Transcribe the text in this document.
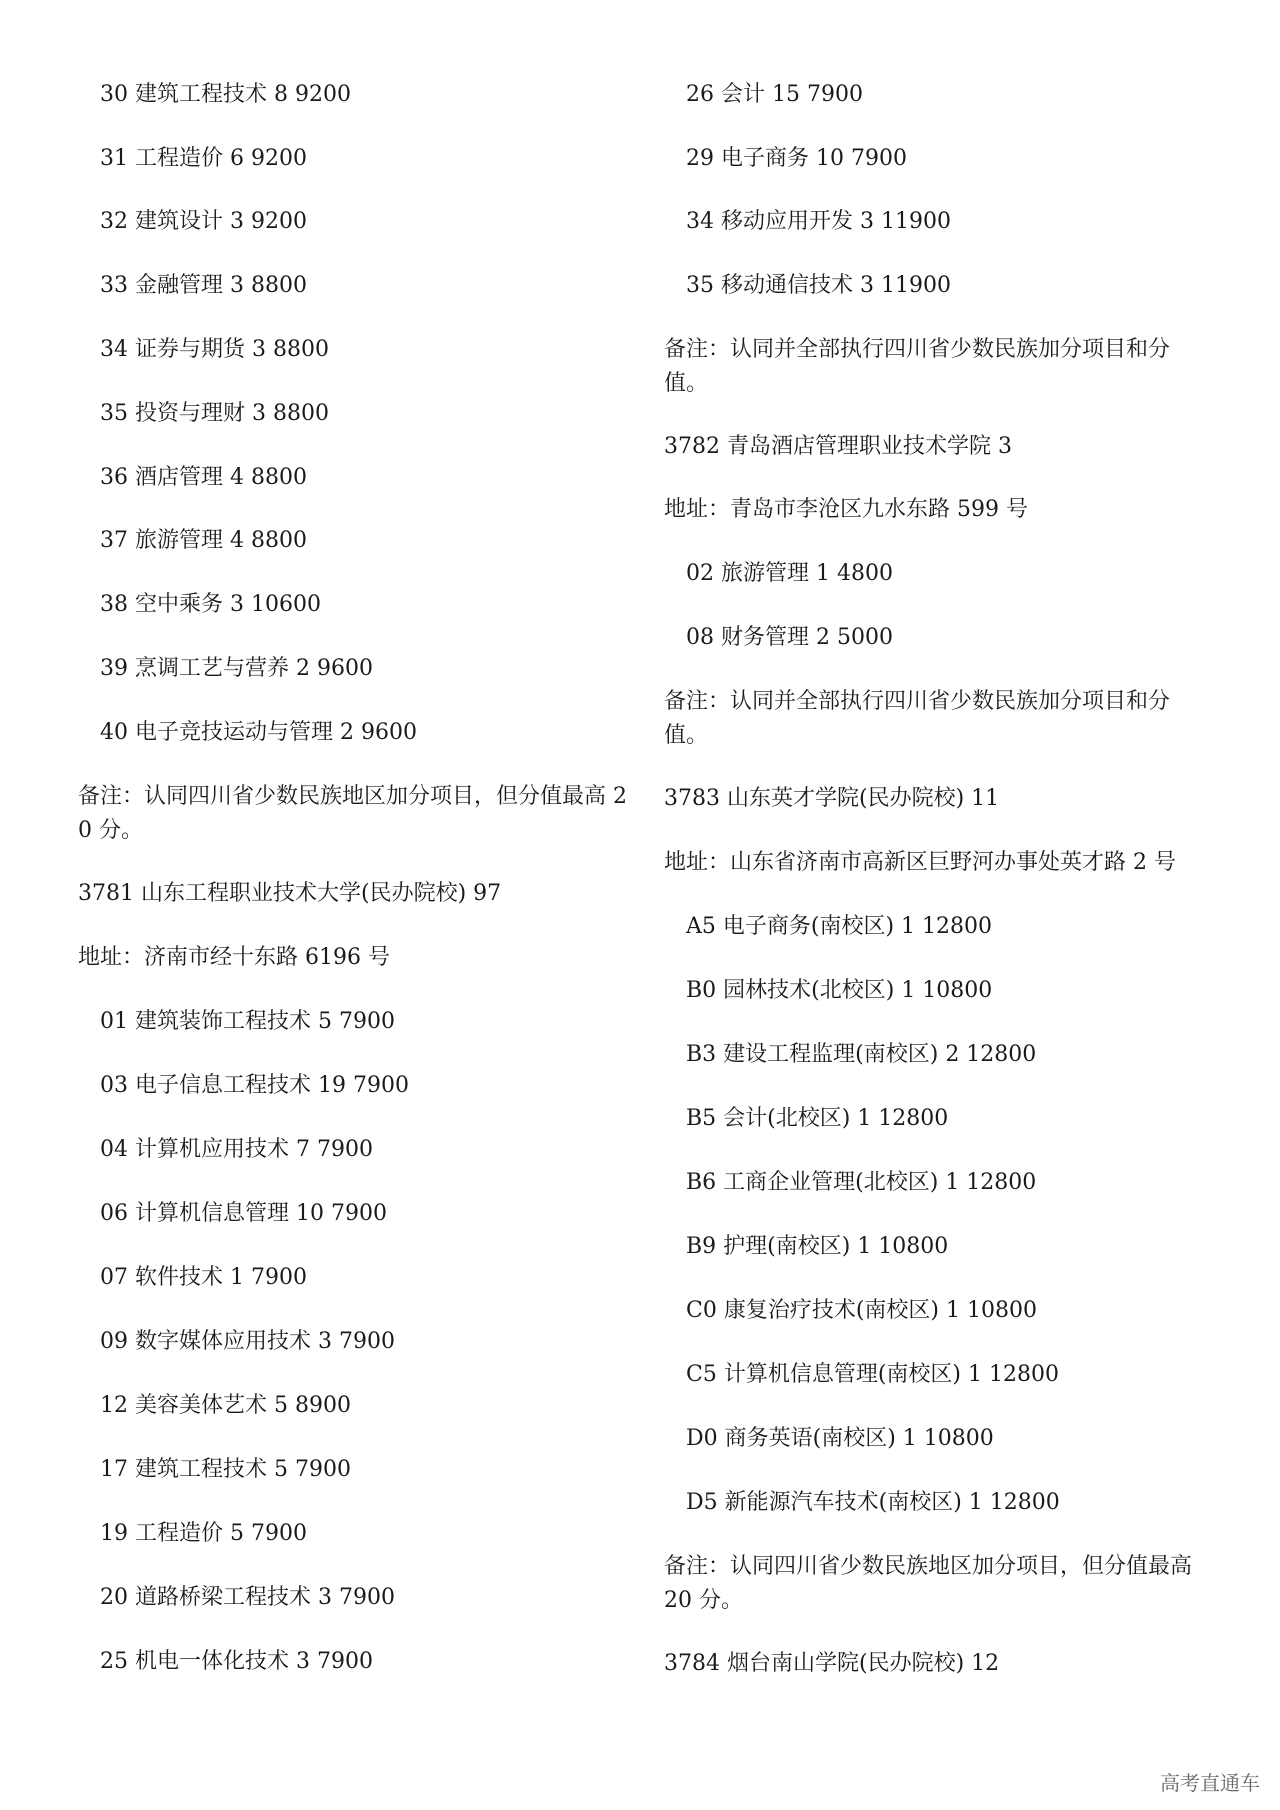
30 建筑工程技术 8 9200
31 工程造价 6 9200
32 建筑设计 3 9200
33 金融管理 3 8800
34 证券与期货 3 8800
35 投资与理财 3 8800
36 酒店管理 4 8800
37 旅游管理 4 8800
38 空中乘务 3 10600
39 烹调工艺与营养 2 9600
40 电子竞技运动与管理 2 9600
备注：认同四川省少数民族地区加分项目，但分值最高 20 分。
3781 山东工程职业技术大学(民办院校) 97
地址：济南市经十东路 6196 号
01 建筑装饰工程技术 5 7900
03 电子信息工程技术 19 7900
04 计算机应用技术 7 7900
06 计算机信息管理 10 7900
07 软件技术 1 7900
09 数字媒体应用技术 3 7900
12 美容美体艺术 5 8900
17 建筑工程技术 5 7900
19 工程造价 5 7900
20 道路桥梁工程技术 3 7900
25 机电一体化技术 3 7900
26 会计 15 7900
29 电子商务 10 7900
34 移动应用开发 3 11900
35 移动通信技术 3 11900
备注：认同并全部执行四川省少数民族加分项目和分值。
3782 青岛酒店管理职业技术学院 3
地址：青岛市李沧区九水东路 599 号
02 旅游管理 1 4800
08 财务管理 2 5000
备注：认同并全部执行四川省少数民族加分项目和分值。
3783 山东英才学院(民办院校) 11
地址：山东省济南市高新区巨野河办事处英才路 2 号
A5 电子商务(南校区) 1 12800
B0 园林技术(北校区) 1 10800
B3 建设工程监理(南校区) 2 12800
B5 会计(北校区) 1 12800
B6 工商企业管理(北校区) 1 12800
B9 护理(南校区) 1 10800
C0 康复治疗技术(南校区) 1 10800
C5 计算机信息管理(南校区) 1 12800
D0 商务英语(南校区) 1 10800
D5 新能源汽车技术(南校区) 1 12800
备注：认同四川省少数民族地区加分项目，但分值最高 20 分。
3784 烟台南山学院(民办院校) 12
高考直通车
